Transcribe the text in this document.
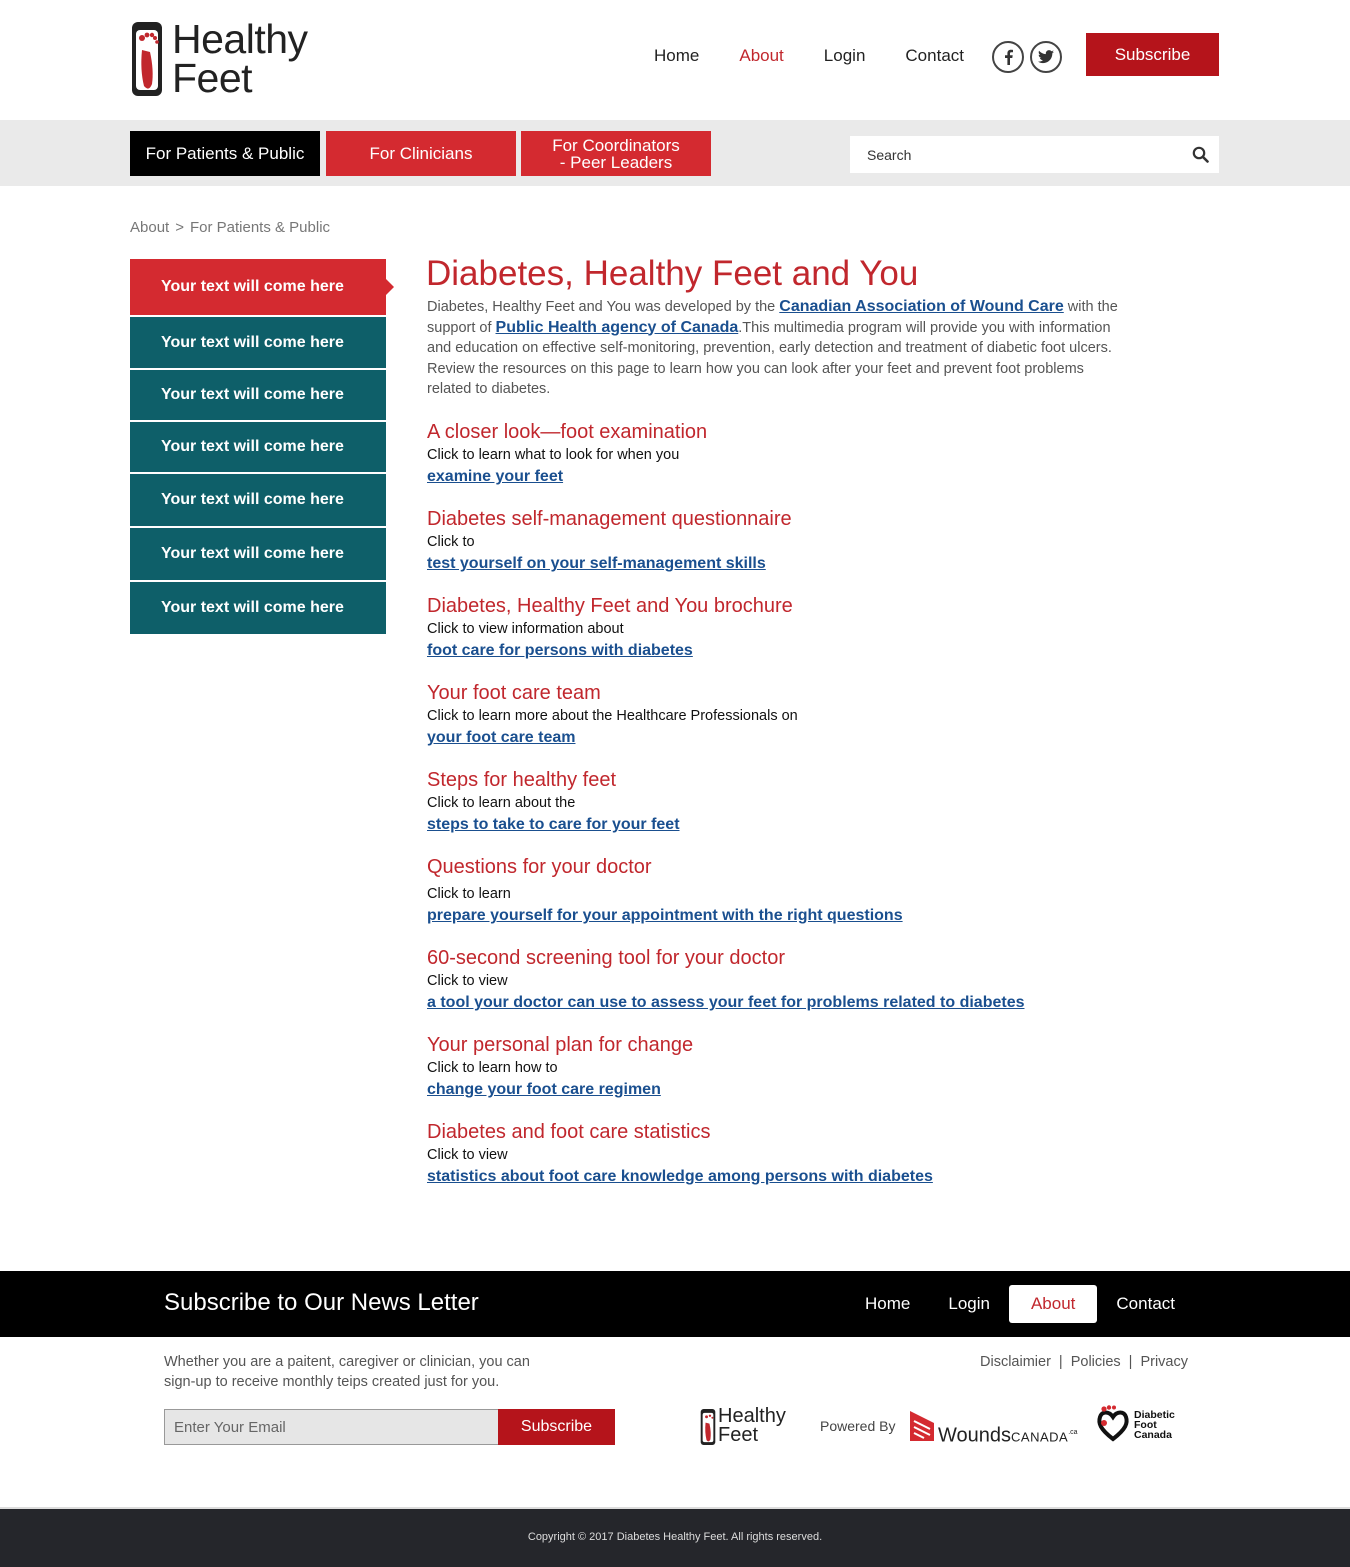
Healthy
Feet	Home About Login Contact	Subscribe
For Patients & Public	For Clinicians	For Coordinators
- Peer Leaders
Search
About > For Patients & Public
Your text will come here
Your text will come here
Your text will come here
Your text will come here
Your text will come here
Your text will come here
Your text will come here
Diabetes, Healthy Feet and You

Diabetes, Healthy Feet and You was developed by the Canadian Association of Wound Care with the support of Public Health agency of Canada.This multimedia program will provide you with information and education on effective self-monitoring, prevention, early detection and treatment of diabetic foot ulcers. Review the resources on this page to learn how you can look after your feet and prevent foot problems related to diabetes.

A closer look—foot examination
Click to learn what to look for when you
examine your feet
Diabetes self-management questionnaire
Click to
test yourself on your self-management skills
Diabetes, Healthy Feet and You brochure
Click to view information about
foot care for persons with diabetes
Your foot care team
Click to learn more about the Healthcare Professionals on
your foot care team
Steps for healthy feet
Click to learn about the
steps to take to care for your feet
Questions for your doctor
Click to learn
prepare yourself for your appointment with the right questions
60-second screening tool for your doctor
Click to view
a tool your doctor can use to assess your feet for problems related to diabetes
Your personal plan for change
Click to learn how to
change your foot care regimen
Diabetes and foot care statistics
Click to view
statistics about foot care knowledge among persons with diabetes
Subscribe to Our News Letter	Home	Login	About	Contact

Whether you are a paitent, caregiver or clinician, you can sign-up to receive monthly teips created just for you.

Enter Your Email
Subscribe
Disclaimier | Policies | Privacy
Healthy
Feet	Powered By WoundsCANADA$^{.ca}$
Diabetic
Foot
Canada
Copyright © 2017 Diabetes Healthy Feet. All rights reserved.
